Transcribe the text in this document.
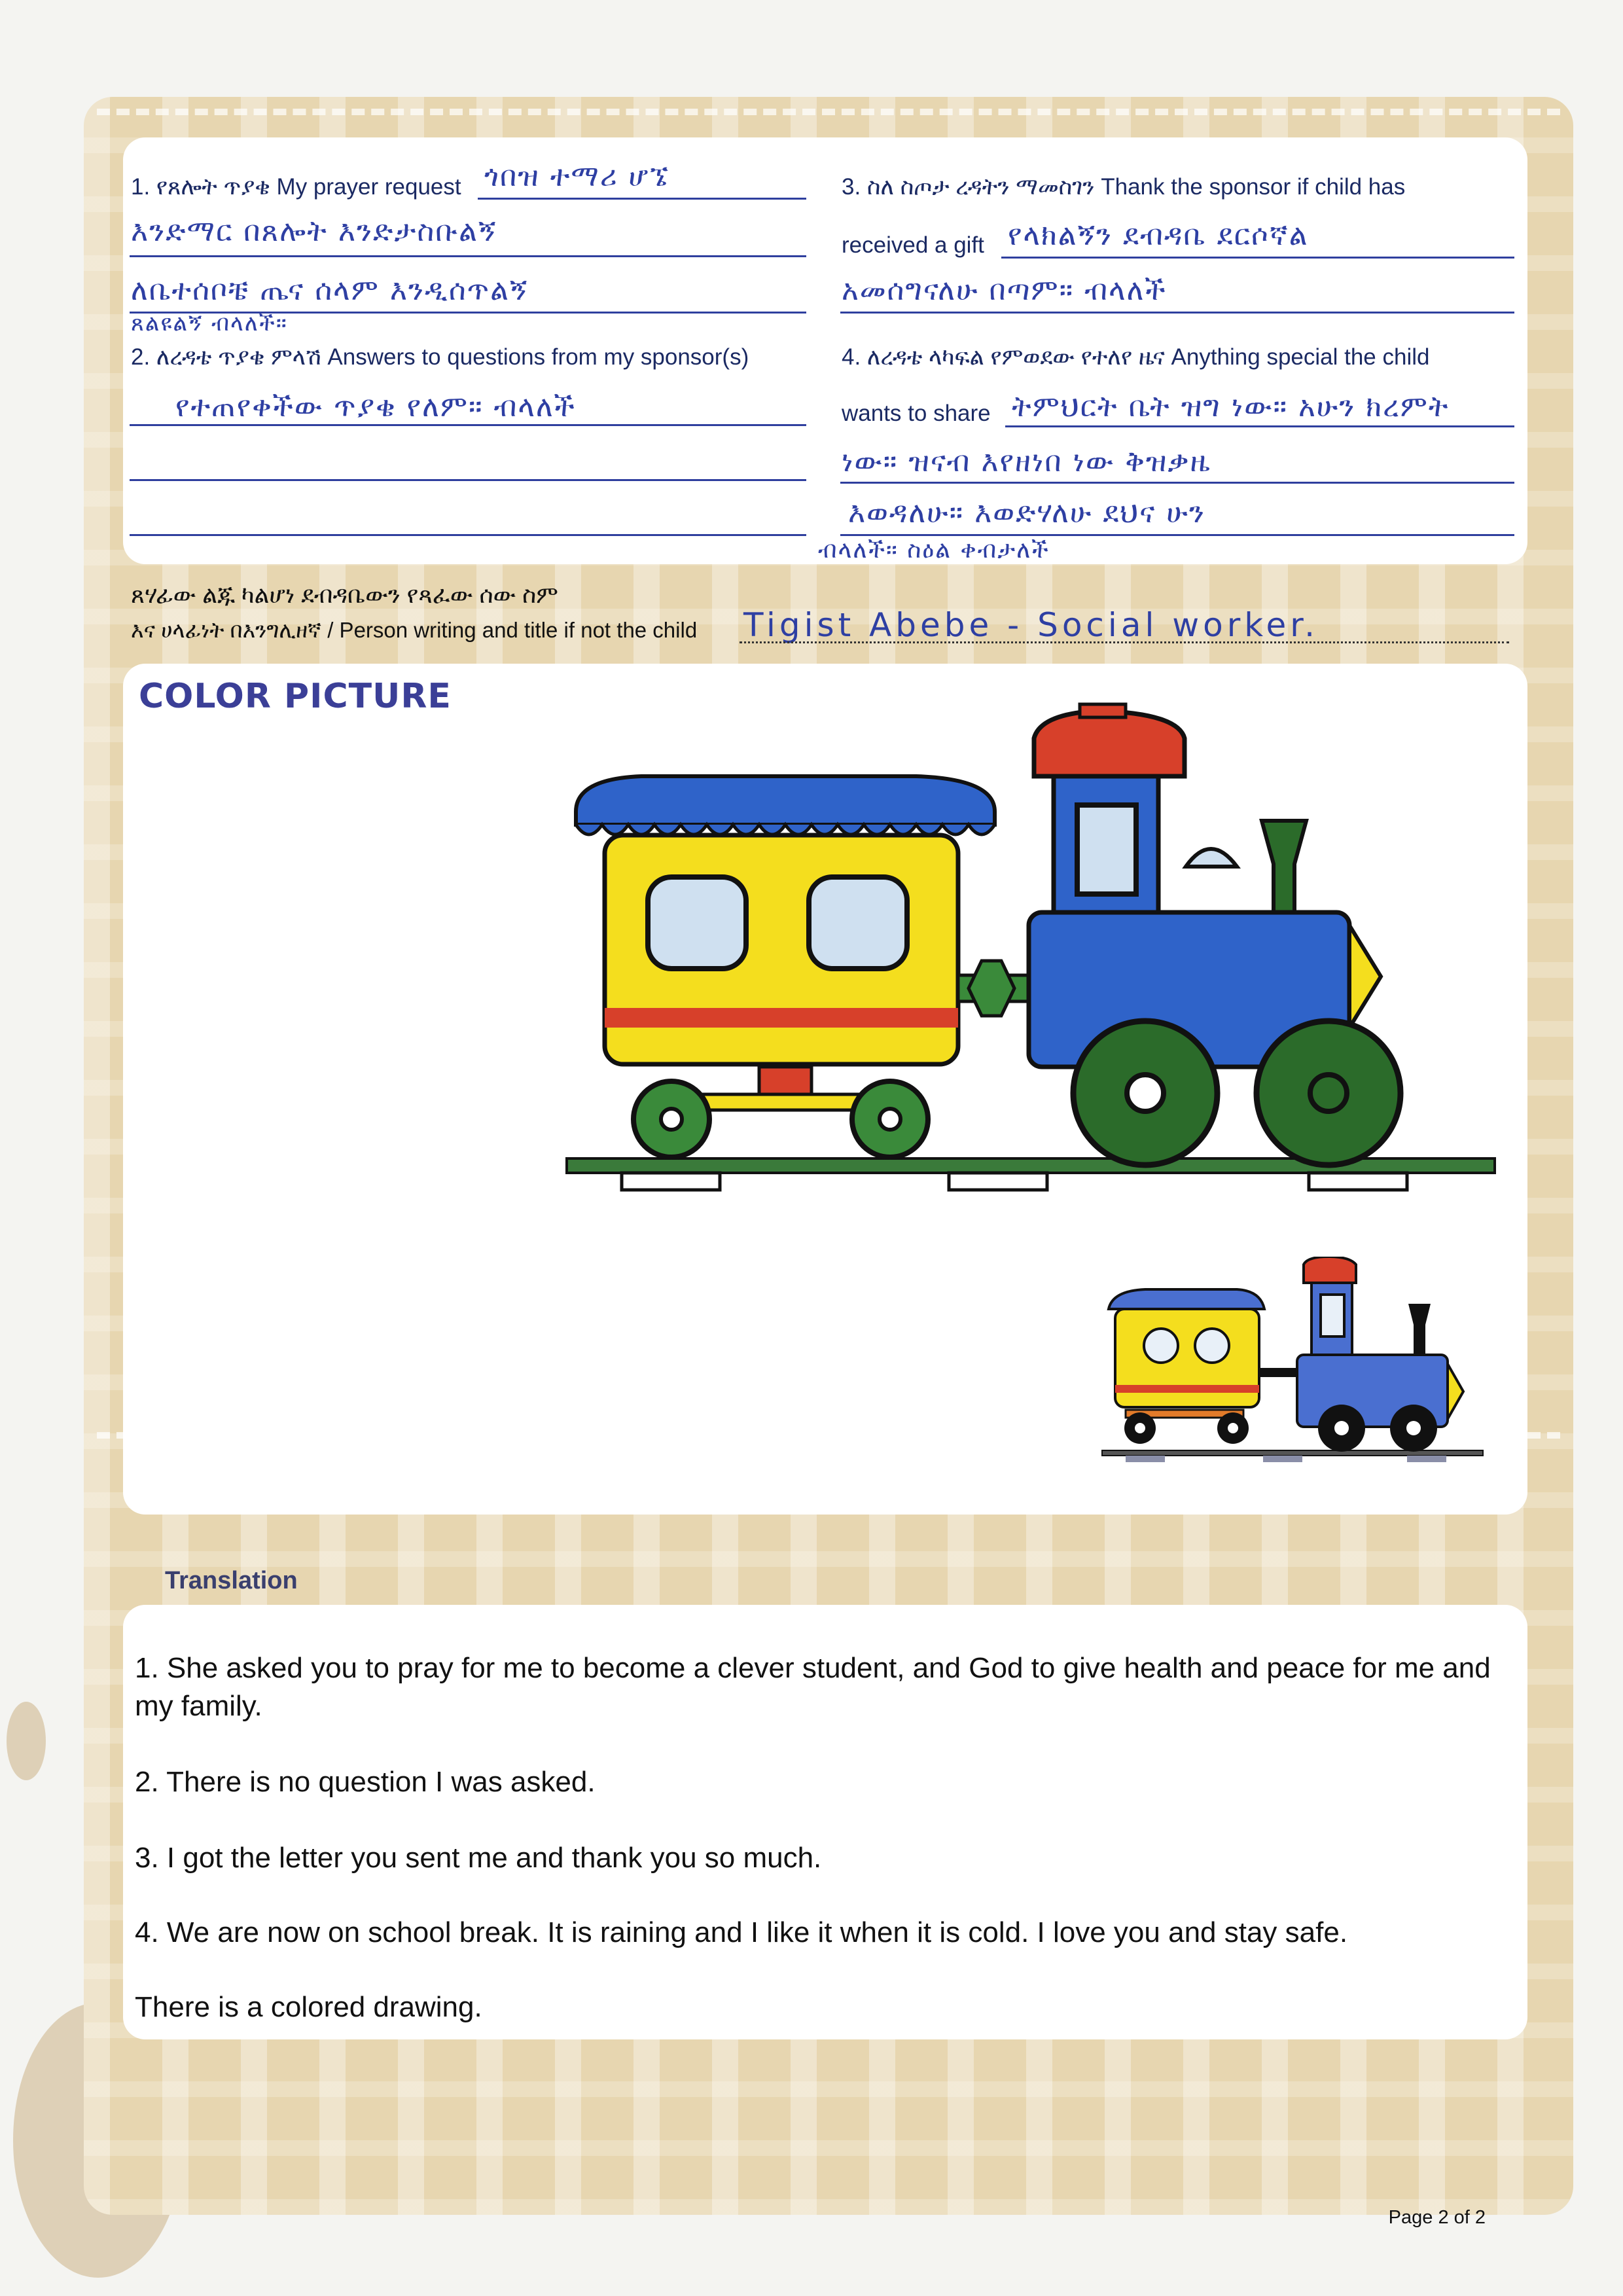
1. የጸሎት ጥያቄ My prayer request ጎበዝ ተማሪ ሆኜ
እንድማር በጸሎት እንድታስቡልኝ
ለቤተሰቦቼ ጤና ሰላም እንዲሰጥልኝ
ጸልዩልኝ ብላለች።
2. ለረዳቴ ጥያቄ ምላሽ Answers to questions from my sponsor(s)
የተጠየቀችው ጥያቄ የለም። ብላለች
3. ስለ ስጦታ ረዳትን ማመስገን Thank the sponsor if child has
received a gift የላክልኝን ደብዳቤ ደርሶኛል
አመሰግናለሁ በጣም። ብላለች
4. ለረዳቴ ላካፍል የምወደው የተለየ ዜና Anything special the child
wants to share ትምህርት ቤት ዝግ ነው። አሁን ክረምት
ነው። ዝናብ እየዘነበ ነው ቅዝቃዜ
እወዳለሁ። እወድሃለሁ ደህና ሁን
ብላለች። ስዕል ቀብታለች
ጸሃፊው ልጁ ካልሆነ ደብዳቤውን የጻፈው ሰው ስም
እና ሀላፊነት በእንግሊዘኛ / Person writing and title if not the child Tigist Abebe - Social worker.
COLOR PICTURE
Translation
1. She asked you to pray for me to become a clever student, and God to give health and peace for me and my family.
2. There is no question I was asked.
3. I got the letter you sent me and thank you so much.
4. We are now on school break. It is raining and I like it when it is cold. I love you and stay safe.
There is a colored drawing.
Page 2 of 2
